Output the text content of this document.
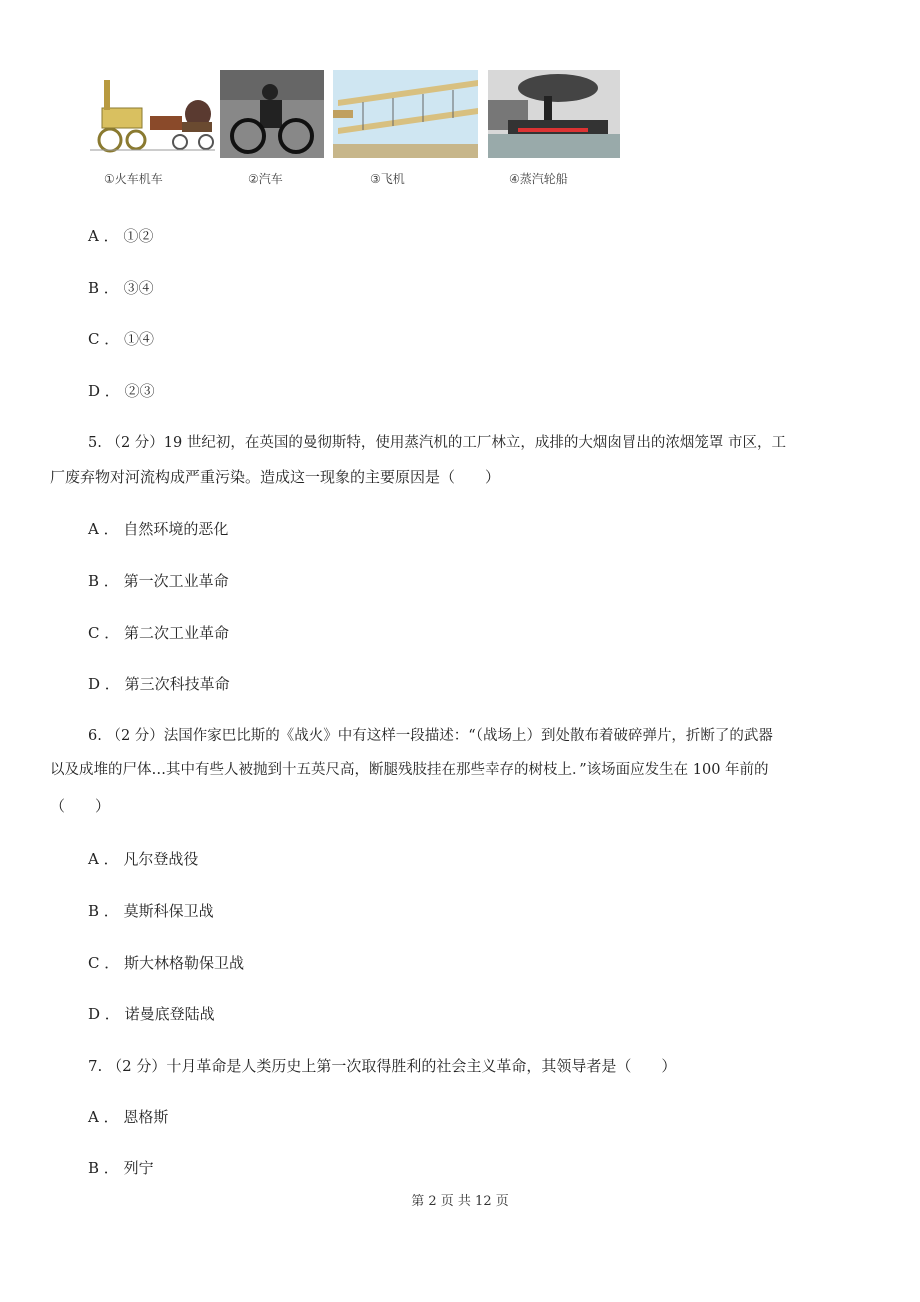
①火车机车	②汽车	③飞机	④蒸汽轮船
A ． ①②
B ． ③④
C ． ①④
D ． ②③
5. （2 分）19 世纪初，在英国的曼彻斯特，使用蒸汽机的工厂林立，成排的大烟囱冒出的浓烟笼罩 市区，工
厂废弃物对河流构成严重污染。造成这一现象的主要原因是（　　）
A ． 自然环境的恶化
B ． 第一次工业革命
C ． 第二次工业革命
D ． 第三次科技革命
6. （2 分）法国作家巴比斯的《战火》中有这样一段描述：“（战场上）到处散布着破碎弹片，折断了的武器
以及成堆的尸体…其中有些人被抛到十五英尺高，断腿残肢挂在那些幸存的树枝上．”该场面应发生在 100 年前的
（　　）
A ． 凡尔登战役
B ． 莫斯科保卫战
C ． 斯大林格勒保卫战
D ． 诺曼底登陆战
7. （2 分）十月革命是人类历史上第一次取得胜利的社会主义革命，其领导者是（　　）
A ． 恩格斯
B ． 列宁
第 2 页 共 12 页
